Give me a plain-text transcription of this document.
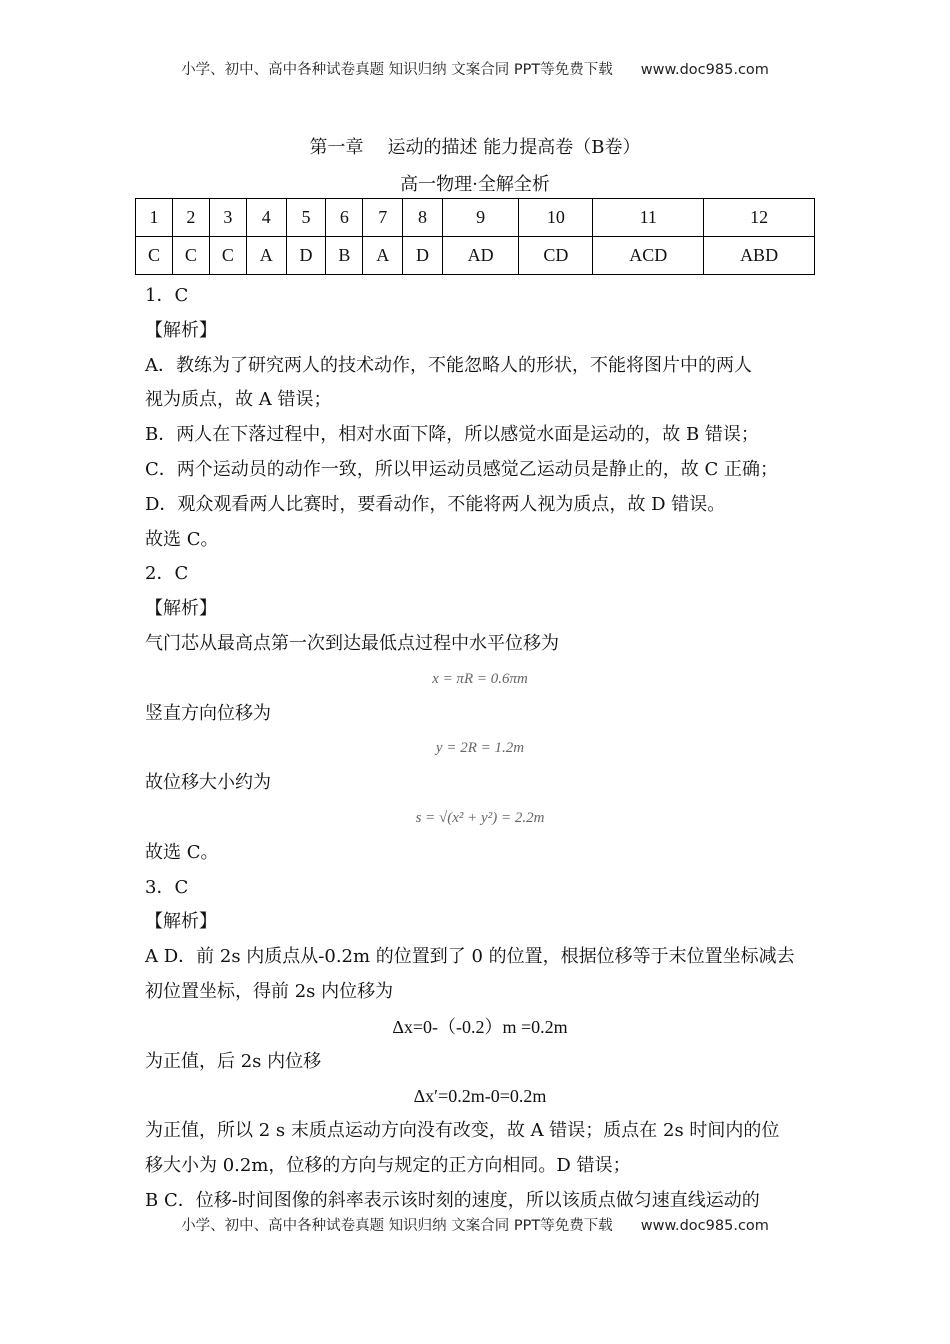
小学、初中、高中各种试卷真题 知识归纳 文案合同 PPT等免费下载 www.doc985.com
第一章 运动的描述 能力提高卷（B卷）
高一物理·全解全析
1	2	3	4	5	6	7	8	9	10	11	12
C	C	C	A	D	B	A	D	AD	CD	ACD	ABD
1．C
【解析】
A．教练为了研究两人的技术动作，不能忽略人的形状，不能将图片中的两人
视为质点，故 A 错误；
B．两人在下落过程中，相对水面下降，所以感觉水面是运动的，故 B 错误；
C．两个运动员的动作一致，所以甲运动员感觉乙运动员是静止的，故 C 正确；
D．观众观看两人比赛时，要看动作，不能将两人视为质点，故 D 错误。
故选 C。
2．C
【解析】
气门芯从最高点第一次到达最低点过程中水平位移为
x = πR = 0.6πm
竖直方向位移为
y = 2R = 1.2m
故位移大小约为
s = √(x² + y²) = 2.2m
故选 C。
3．C
【解析】
A D．前 2s 内质点从-0.2m 的位置到了 0 的位置，根据位移等于末位置坐标减去
初位置坐标，得前 2s 内位移为
Δx=0-（-0.2）m =0.2m
为正值，后 2s 内位移
Δx′=0.2m-0=0.2m
为正值，所以 2 s 末质点运动方向没有改变，故 A 错误；质点在 2s 时间内的位
移大小为 0.2m，位移的方向与规定的正方向相同。D 错误；
B C．位移-时间图像的斜率表示该时刻的速度，所以该质点做匀速直线运动的
小学、初中、高中各种试卷真题 知识归纳 文案合同 PPT等免费下载 www.doc985.com
